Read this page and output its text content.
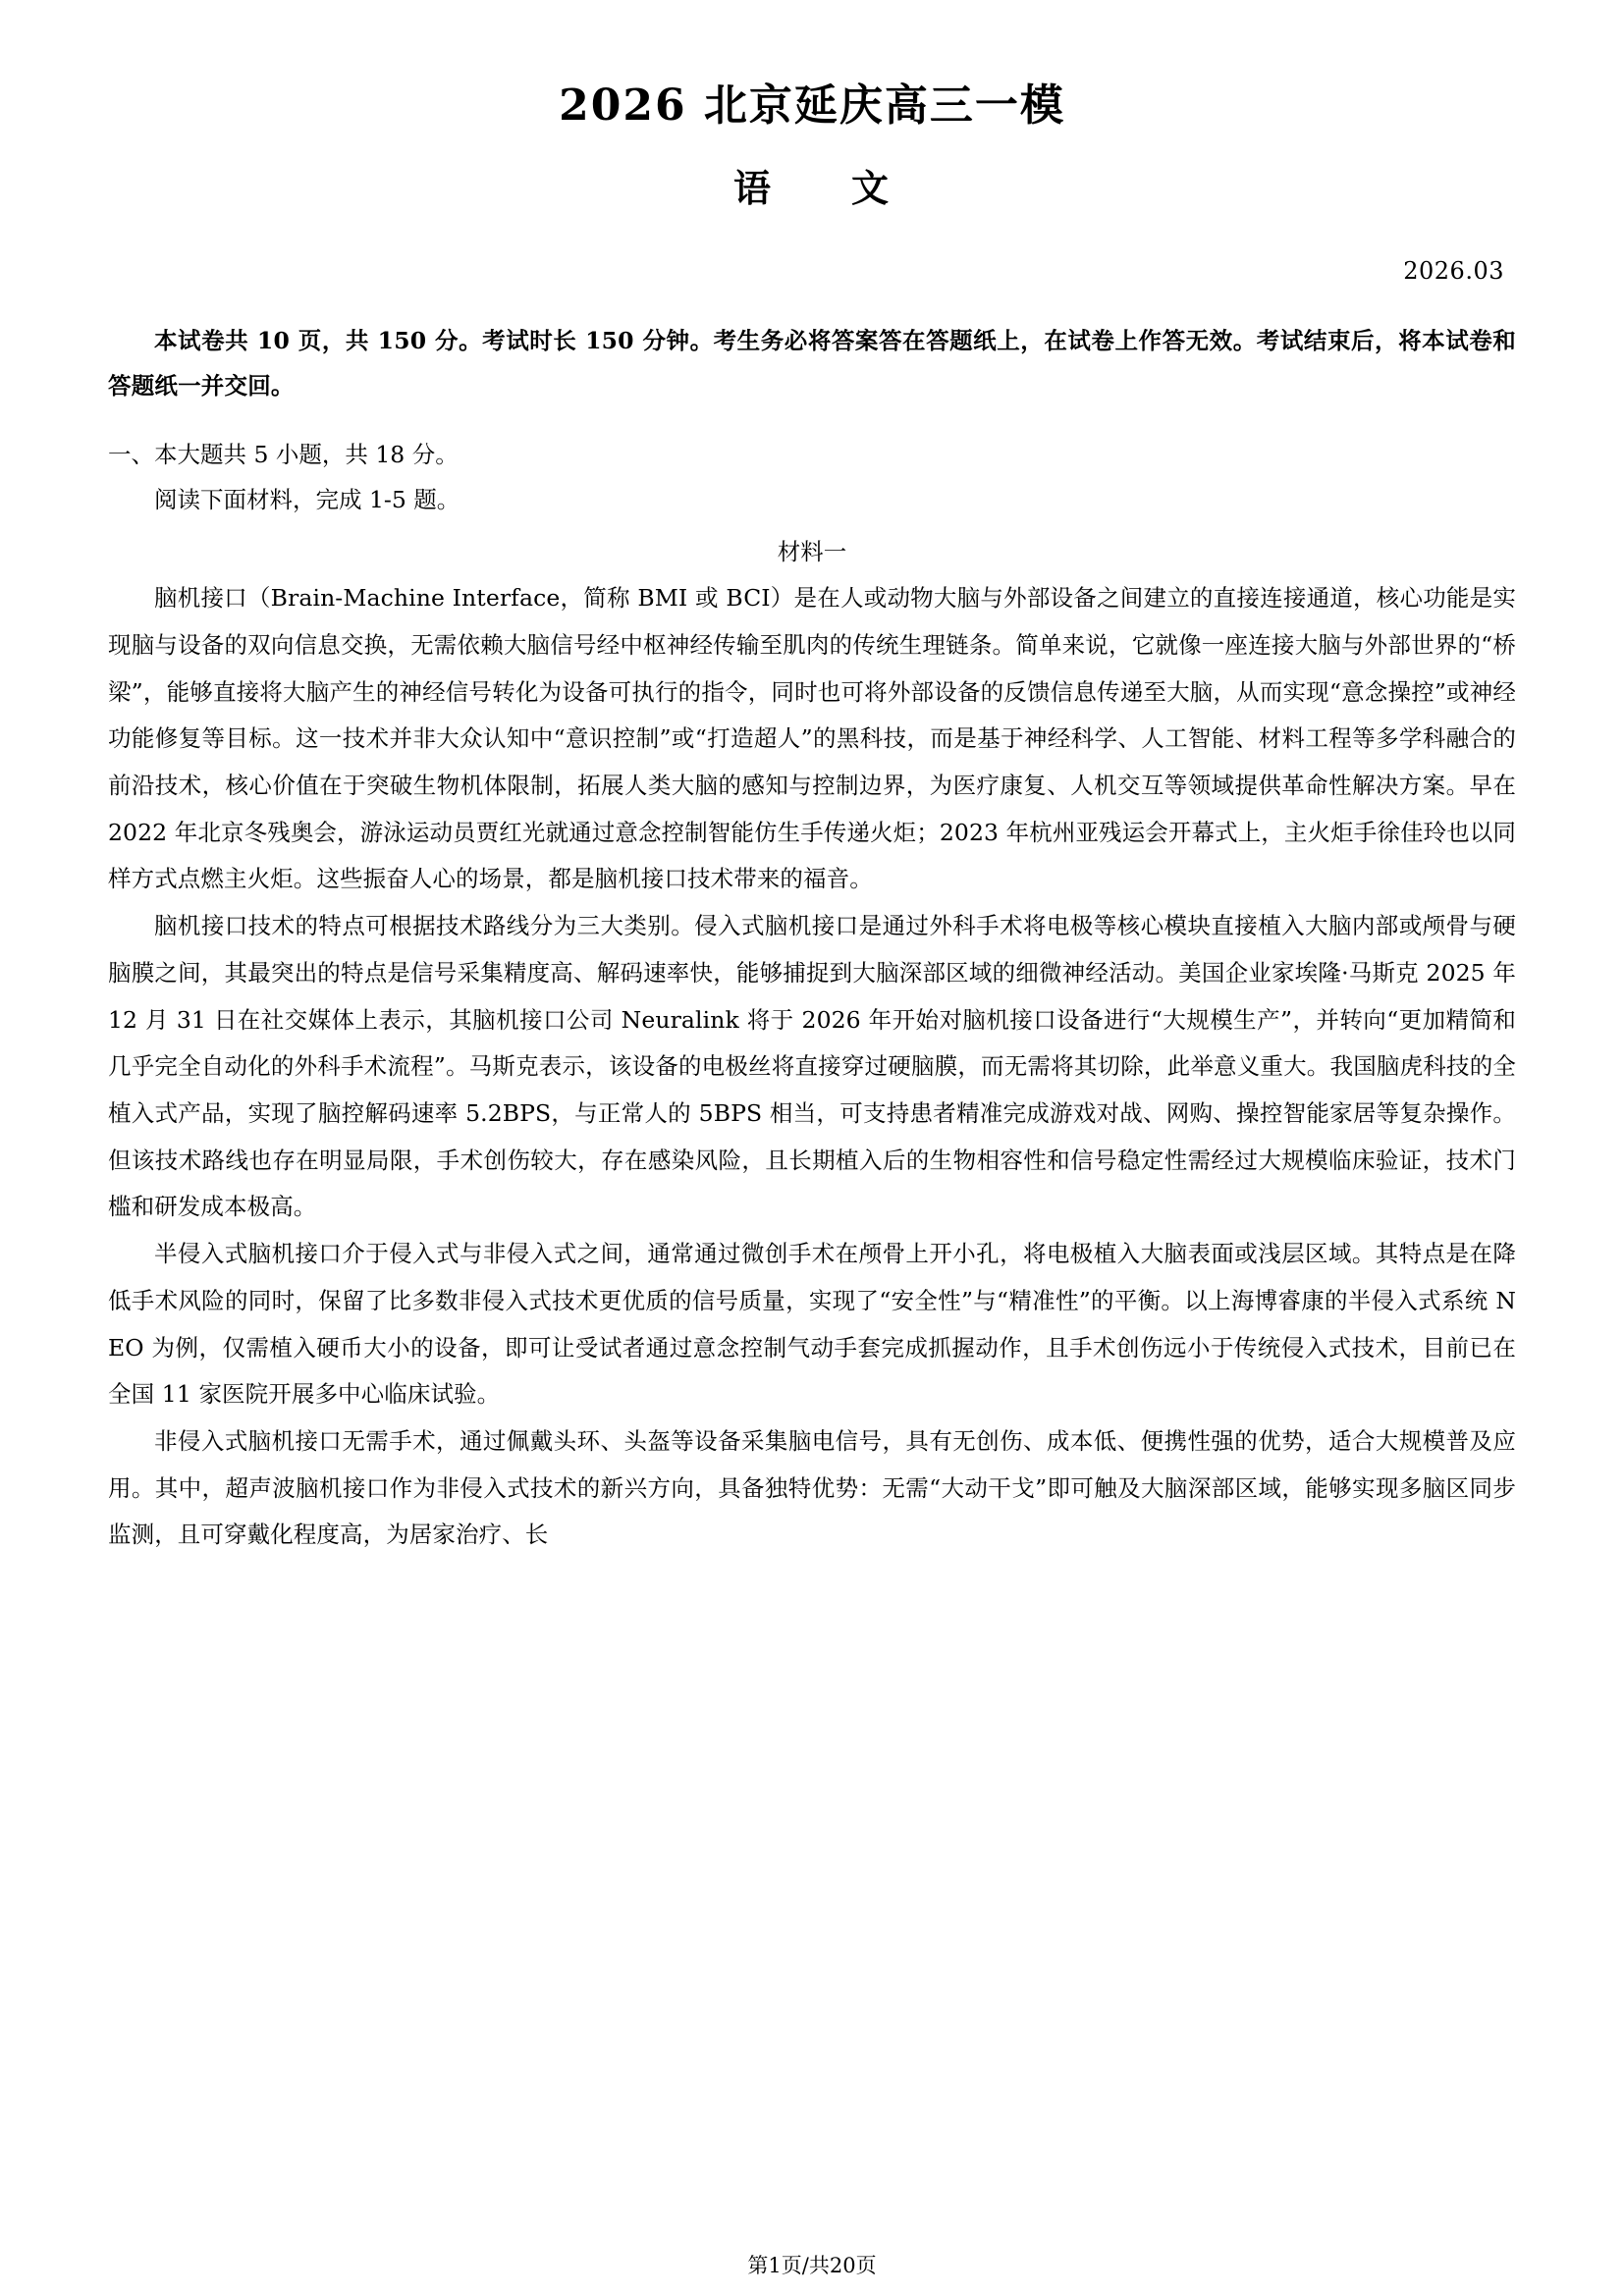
2026 北京延庆高三一模
语　　文

2026.03

本试卷共 10 页，共 150 分。考试时长 150 分钟。考生务必将答案答在答题纸上，在试卷上作答无效。考试结束后，将本试卷和答题纸一并交回。

一、本大题共 5 小题，共 18 分。

阅读下面材料，完成 1-5 题。

材料一

脑机接口（Brain-Machine Interface，简称 BMI 或 BCI）是在人或动物大脑与外部设备之间建立的直接连接通道，核心功能是实现脑与设备的双向信息交换，无需依赖大脑信号经中枢神经传输至肌肉的传统生理链条。简单来说，它就像一座连接大脑与外部世界的“桥梁”，能够直接将大脑产生的神经信号转化为设备可执行的指令，同时也可将外部设备的反馈信息传递至大脑，从而实现“意念操控”或神经功能修复等目标。这一技术并非大众认知中“意识控制”或“打造超人”的黑科技，而是基于神经科学、人工智能、材料工程等多学科融合的前沿技术，核心价值在于突破生物机体限制，拓展人类大脑的感知与控制边界，为医疗康复、人机交互等领域提供革命性解决方案。早在 2022 年北京冬残奥会，游泳运动员贾红光就通过意念控制智能仿生手传递火炬；2023 年杭州亚残运会开幕式上，主火炬手徐佳玲也以同样方式点燃主火炬。这些振奋人心的场景，都是脑机接口技术带来的福音。

脑机接口技术的特点可根据技术路线分为三大类别。侵入式脑机接口是通过外科手术将电极等核心模块直接植入大脑内部或颅骨与硬脑膜之间，其最突出的特点是信号采集精度高、解码速率快，能够捕捉到大脑深部区域的细微神经活动。美国企业家埃隆·马斯克 2025 年 12 月 31 日在社交媒体上表示，其脑机接口公司 Neuralink 将于 2026 年开始对脑机接口设备进行“大规模生产”，并转向“更加精简和几乎完全自动化的外科手术流程”。马斯克表示，该设备的电极丝将直接穿过硬脑膜，而无需将其切除，此举意义重大。我国脑虎科技的全植入式产品，实现了脑控解码速率 5.2BPS，与正常人的 5BPS 相当，可支持患者精准完成游戏对战、网购、操控智能家居等复杂操作。但该技术路线也存在明显局限，手术创伤较大，存在感染风险，且长期植入后的生物相容性和信号稳定性需经过大规模临床验证，技术门槛和研发成本极高。

半侵入式脑机接口介于侵入式与非侵入式之间，通常通过微创手术在颅骨上开小孔，将电极植入大脑表面或浅层区域。其特点是在降低手术风险的同时，保留了比多数非侵入式技术更优质的信号质量，实现了“安全性”与“精准性”的平衡。以上海博睿康的半侵入式系统 NEO 为例，仅需植入硬币大小的设备，即可让受试者通过意念控制气动手套完成抓握动作，且手术创伤远小于传统侵入式技术，目前已在全国 11 家医院开展多中心临床试验。

非侵入式脑机接口无需手术，通过佩戴头环、头盔等设备采集脑电信号，具有无创伤、成本低、便携性强的优势，适合大规模普及应用。其中，超声波脑机接口作为非侵入式技术的新兴方向，具备独特优势：无需“大动干戈”即可触及大脑深部区域，能够实现多脑区同步监测，且可穿戴化程度高，为居家治疗、长

第1页/共20页
